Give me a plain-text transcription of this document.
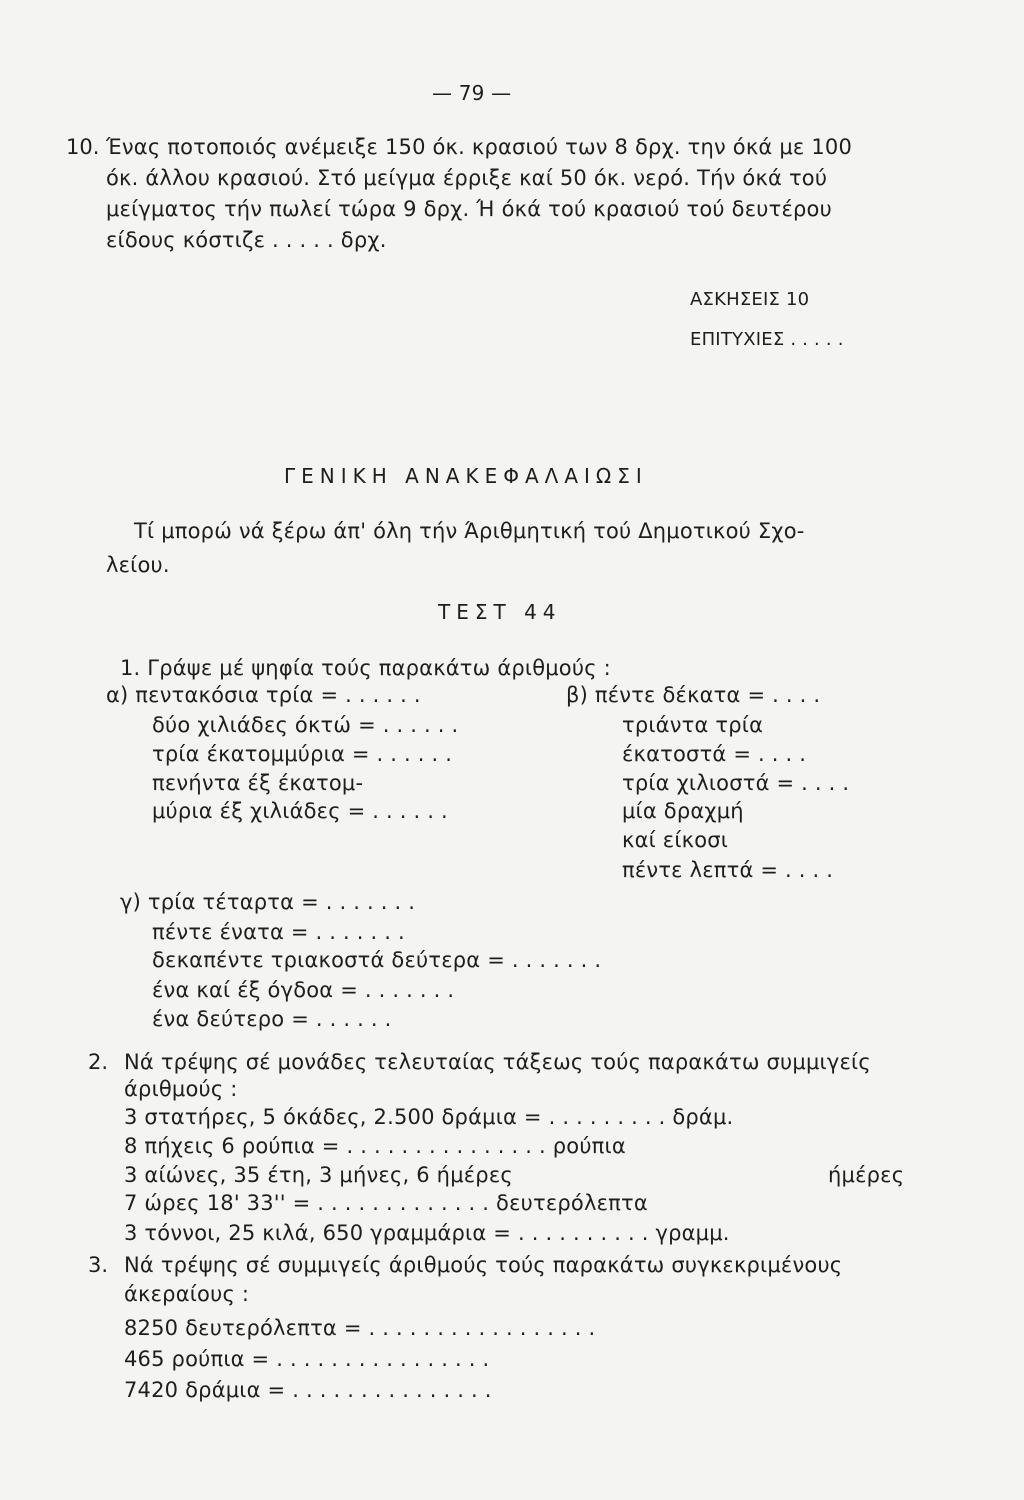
— 79 —
10. Ένας ποτοποιός ανέμειξε 150 όκ. κρασιού των 8 δρχ. την όκά με 100
όκ. άλλου κρασιού. Στό μείγμα έρριξε καί 50 όκ. νερό. Τήν όκά τού
μείγματος τήν πωλεί τώρα 9 δρχ. Ή όκά τού κρασιού τού δευτέρου
είδους κόστιζε . . . . . δρχ.
ΑΣΚΗΣΕΙΣ 10
ΕΠΙΤΥΧΙΕΣ . . . . .
ΓΕΝΙΚΗ ΑΝΑΚΕΦΑΛΑΙΩΣΙ
Τί μπορώ νά ξέρω άπ' όλη τήν Άριθμητική τού Δημοτικού Σχο-
λείου.
ΤΕΣΤ 44
1. Γράψε μέ ψηφία τούς παρακάτω άριθμούς :
α) πεντακόσια τρία = . . . . . .
δύο χιλιάδες όκτώ = . . . . . .
τρία έκατομμύρια = . . . . . .
πενήντα έξ έκατομ-
μύρια έξ χιλιάδες = . . . . . .
β) πέντε δέκατα = . . . .
τριάντα τρία
έκατοστά = . . . .
τρία χιλιοστά = . . . .
μία δραχμή
καί είκοσι
πέντε λεπτά = . . . .
γ) τρία τέταρτα = . . . . . . .
πέντε ένατα = . . . . . . .
δεκαπέντε τριακοστά δεύτερα = . . . . . . .
ένα καί έξ όγδοα = . . . . . . .
ένα δεύτερο = . . . . . .
2. Νά τρέψης σέ μονάδες τελευταίας τάξεως τούς παρακάτω συμμιγείς
άριθμούς :
3 στατήρες, 5 όκάδες, 2.500 δράμια = . . . . . . . . . δράμ.
8 πήχεις 6 ρούπια = . . . . . . . . . . . . . . . ρούπια
3 αίώνες, 35 έτη, 3 μήνες, 6 ήμέρες	ήμέρες
7 ώρες 18' 33'' = . . . . . . . . . . . . . δευτερόλεπτα
3 τόννοι, 25 κιλά, 650 γραμμάρια = . . . . . . . . . . γραμμ.
3. Νά τρέψης σέ συμμιγείς άριθμούς τούς παρακάτω συγκεκριμένους
άκεραίους :
8250 δευτερόλεπτα = . . . . . . . . . . . . . . . . .
465 ρούπια = . . . . . . . . . . . . . . . .
7420 δράμια = . . . . . . . . . . . . . . .
